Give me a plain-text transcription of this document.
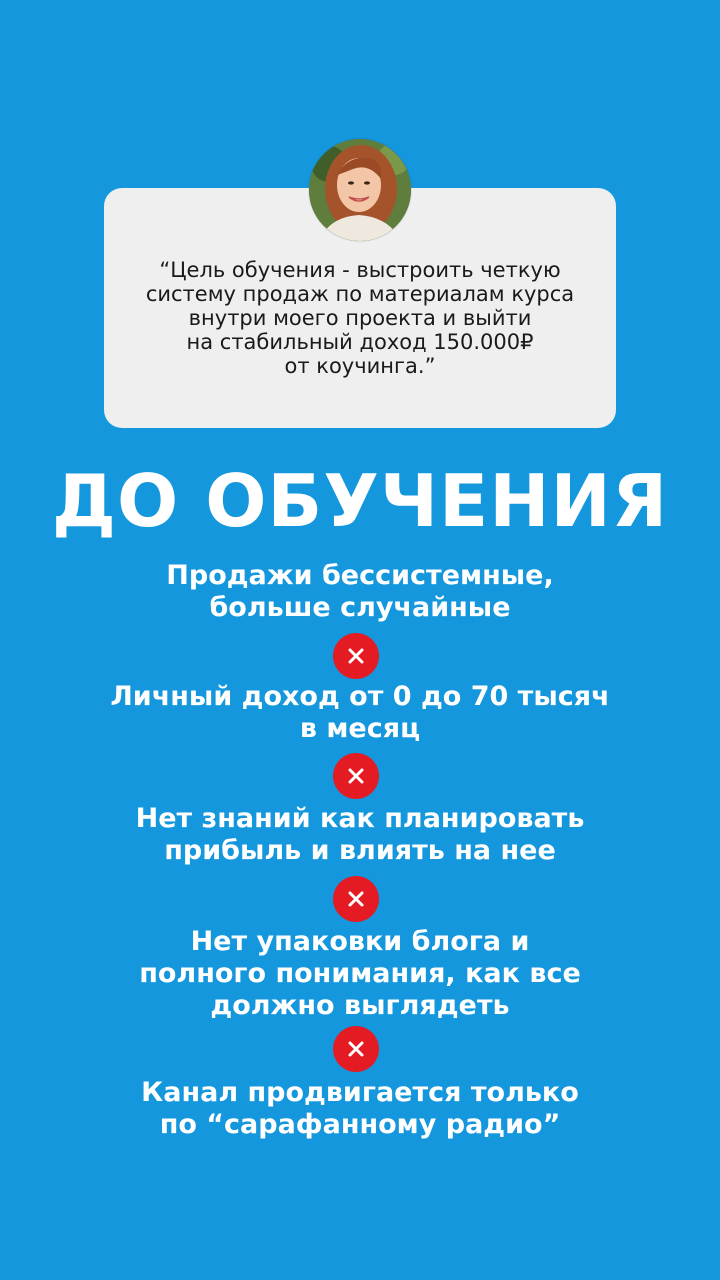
“Цель обучения - выстроить четкую
систему продаж по материалам курса
внутри моего проекта и выйти
на стабильный доход 150.000₽
от коучинга.”

ДО ОБУЧЕНИЯ

Продажи бессистемные,
больше случайные

Личный доход от 0 до 70 тысяч
в месяц

Нет знаний как планировать
прибыль и влиять на нее

Нет упаковки блога и
полного понимания, как все
должно выглядеть

Канал продвигается только
по “сарафанному радио”
